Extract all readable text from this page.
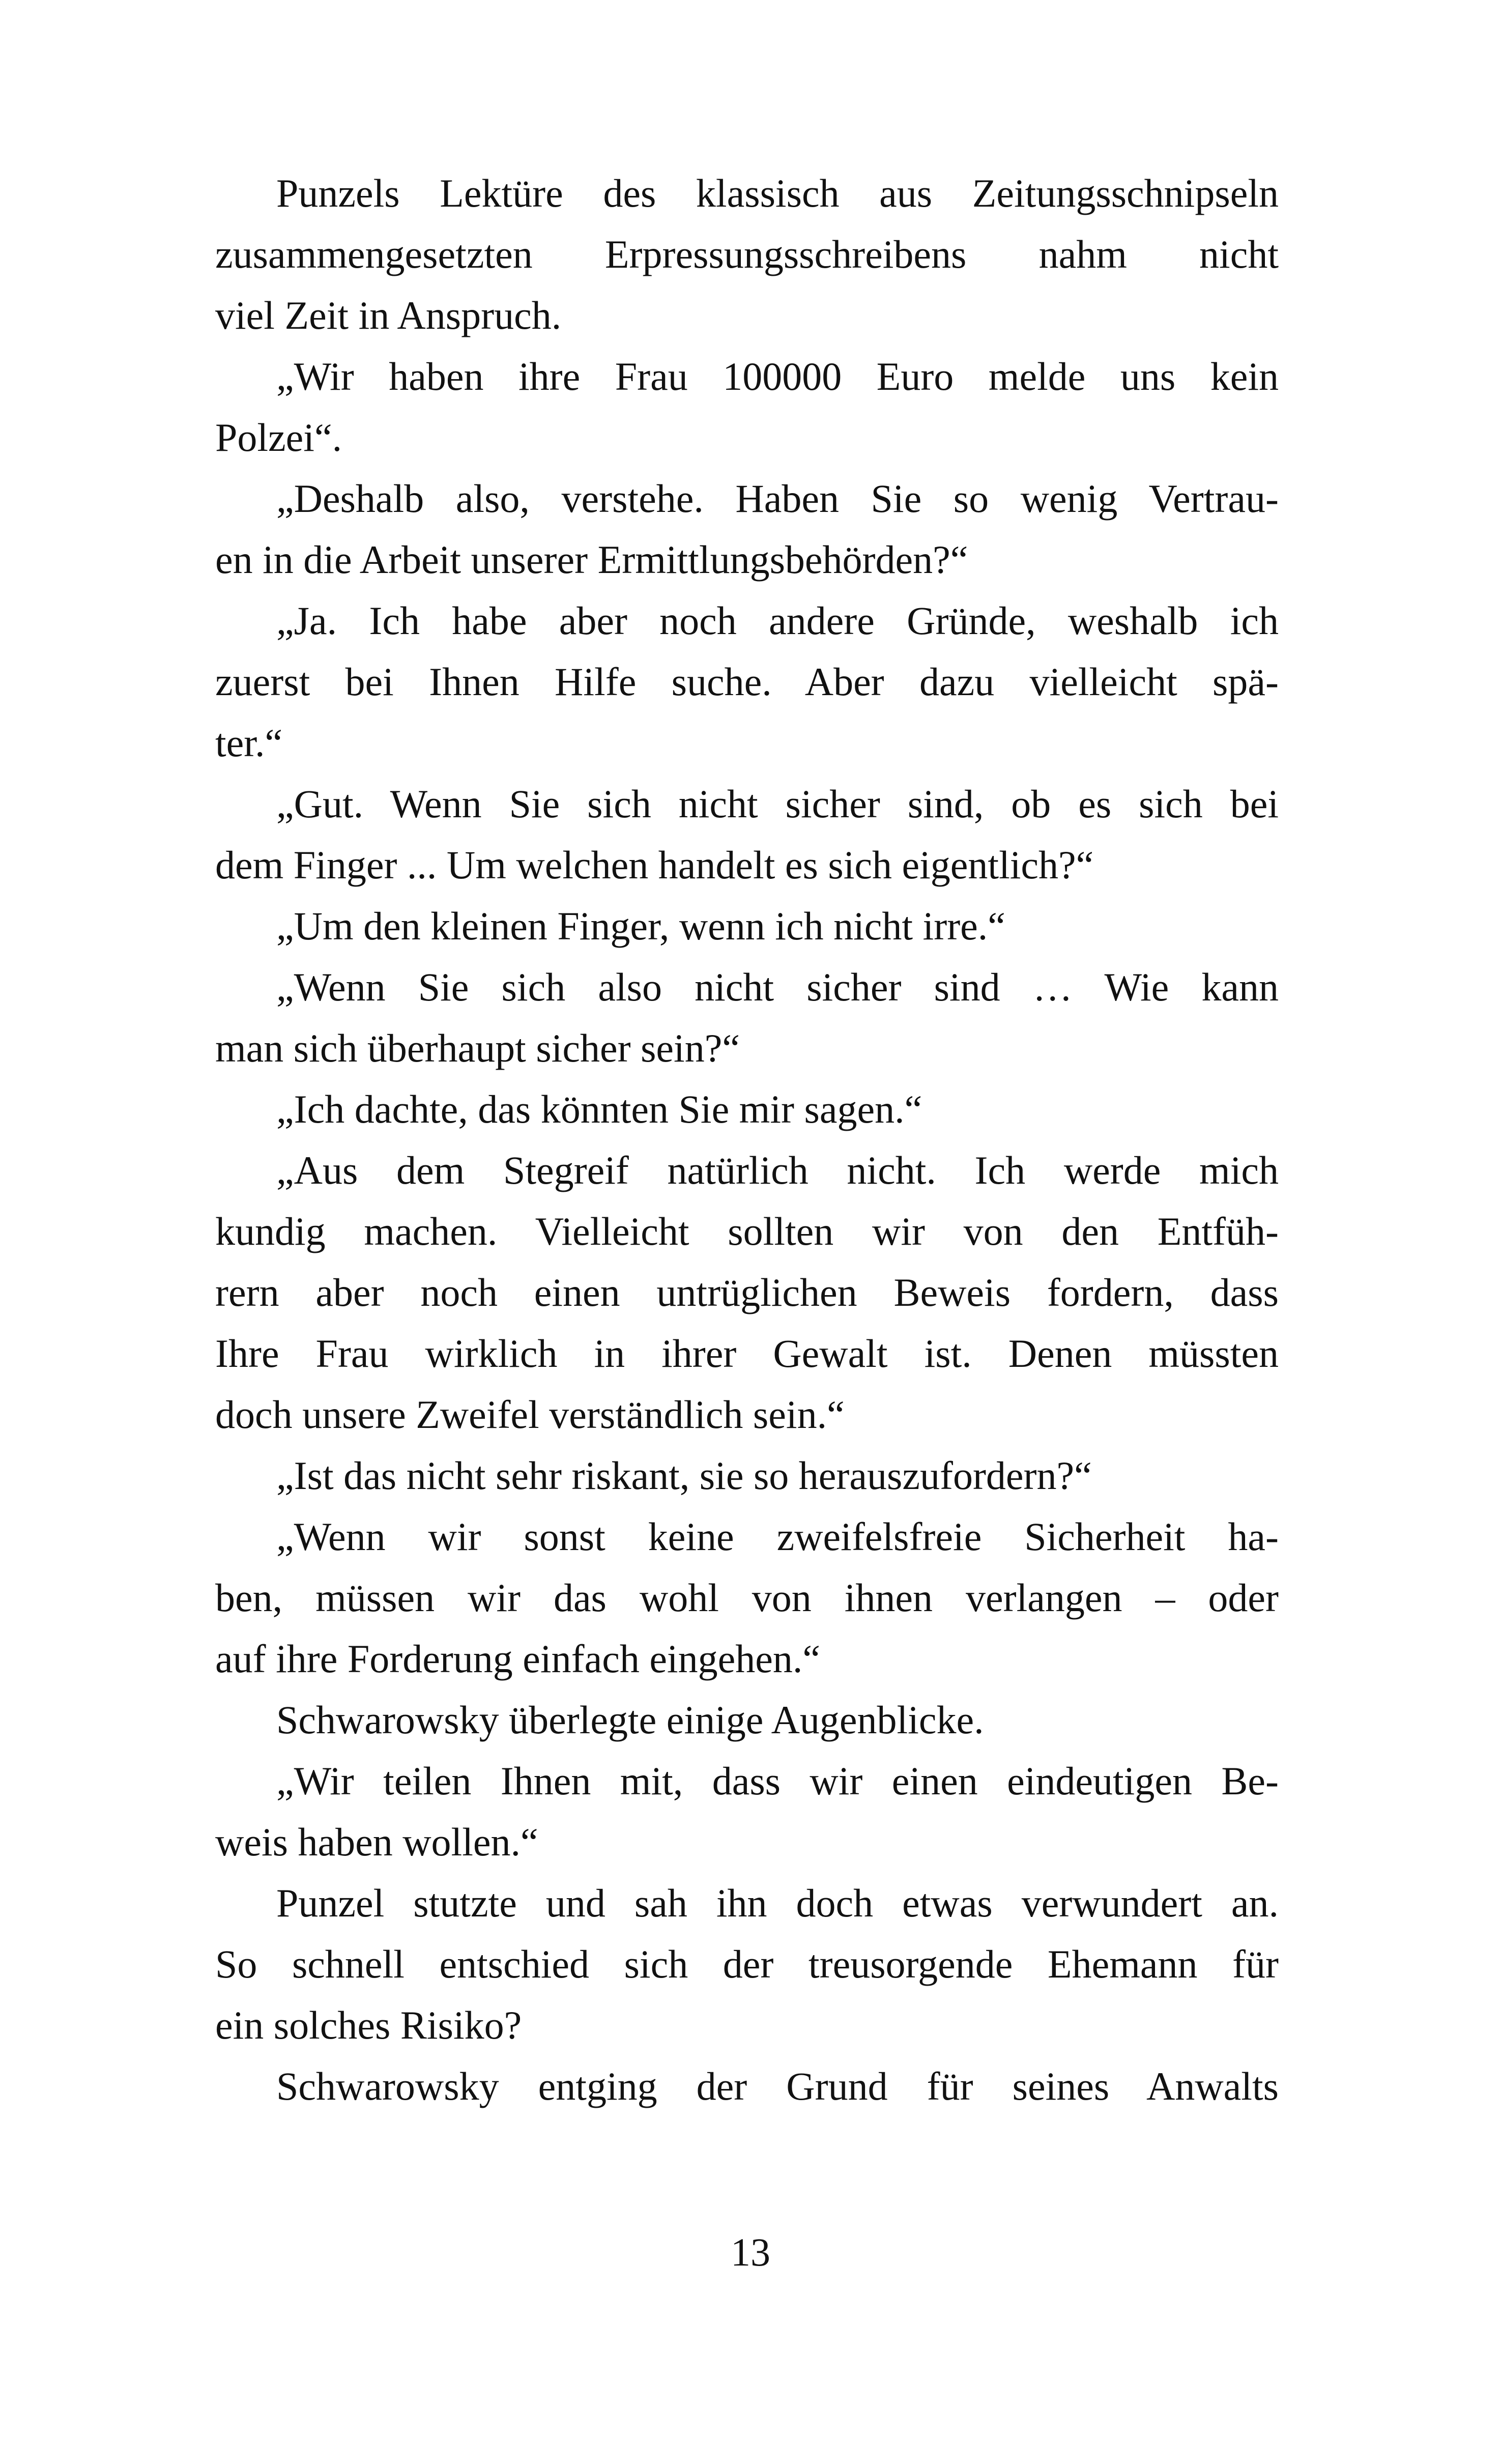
Punzels Lektüre des klassisch aus Zeitungsschnipseln
zusammengesetzten Erpressungsschreibens nahm nicht
viel Zeit in Anspruch.
„Wir haben ihre Frau 100000 Euro melde uns kein
Polzei“.
„Deshalb also, verstehe. Haben Sie so wenig Vertrau-
en in die Arbeit unserer Ermittlungsbehörden?“
„Ja. Ich habe aber noch andere Gründe, weshalb ich
zuerst bei Ihnen Hilfe suche. Aber dazu vielleicht spä-
ter.“
„Gut. Wenn Sie sich nicht sicher sind, ob es sich bei
dem Finger ... Um welchen handelt es sich eigentlich?“
„Um den kleinen Finger, wenn ich nicht irre.“
„Wenn Sie sich also nicht sicher sind … Wie kann
man sich überhaupt sicher sein?“
„Ich dachte, das könnten Sie mir sagen.“
„Aus dem Stegreif natürlich nicht. Ich werde mich
kundig machen. Vielleicht sollten wir von den Entfüh-
rern aber noch einen untrüglichen Beweis fordern, dass
Ihre Frau wirklich in ihrer Gewalt ist. Denen müssten
doch unsere Zweifel verständlich sein.“
„Ist das nicht sehr riskant, sie so herauszufordern?“
„Wenn wir sonst keine zweifelsfreie Sicherheit ha-
ben, müssen wir das wohl von ihnen verlangen – oder
auf ihre Forderung einfach eingehen.“
Schwarowsky überlegte einige Augenblicke.
„Wir teilen Ihnen mit, dass wir einen eindeutigen Be-
weis haben wollen.“
Punzel stutzte und sah ihn doch etwas verwundert an.
So schnell entschied sich der treusorgende Ehemann für
ein solches Risiko?
Schwarowsky entging der Grund für seines Anwalts
13
